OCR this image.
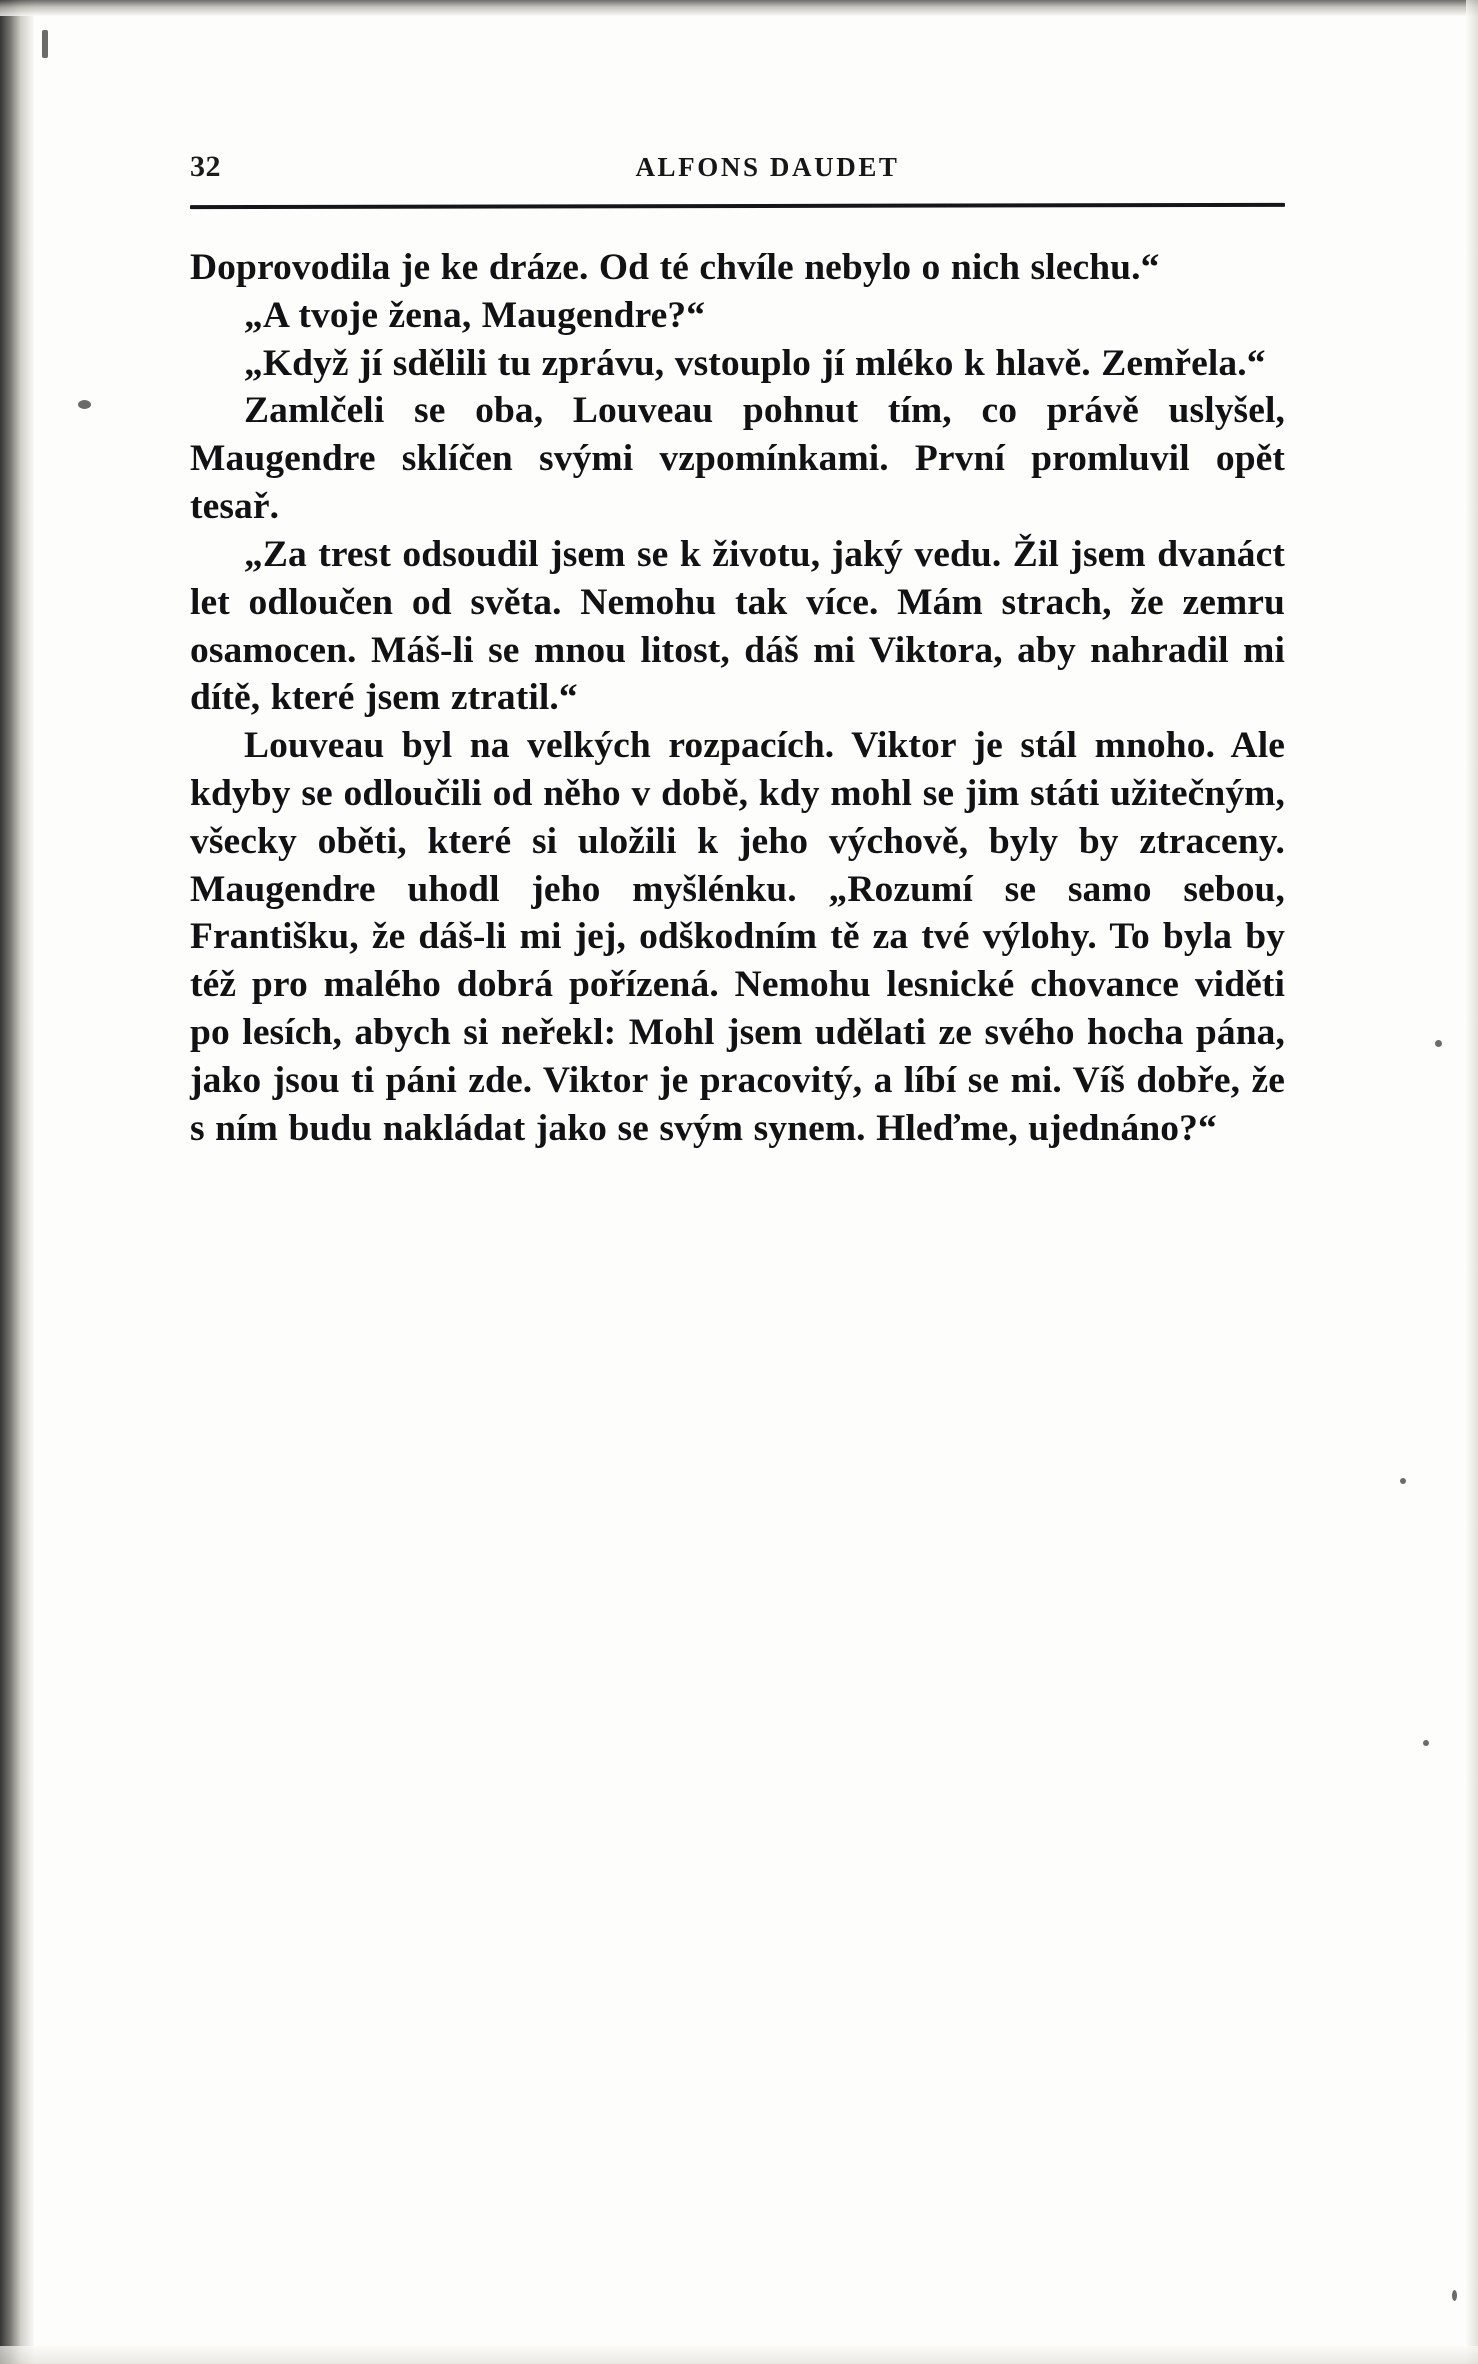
32	ALFONS DAUDET

Doprovodila je ke dráze. Od té chvíle nebylo o nich slechu.“

„A tvoje žena, Maugendre?“

„Když jí sdělili tu zprávu, vstouplo jí mléko k hlavě. Zemřela.“

Zamlčeli se oba, Louveau pohnut tím, co právě uslyšel, Maugendre sklíčen svými vzpomínkami. První promluvil opět tesař.

„Za trest odsoudil jsem se k životu, jaký vedu. Žil jsem dvanáct let odloučen od světa. Nemohu tak více. Mám strach, že zemru osamocen. Máš-li se mnou litost, dáš mi Viktora, aby nahradil mi dítě, které jsem ztratil.“

Louveau byl na velkých rozpacích. Viktor je stál mnoho. Ale kdyby se odloučili od něho v době, kdy mohl se jim státi užitečným, všecky oběti, které si uložili k jeho výchově, byly by ztraceny. Maugendre uhodl jeho myšlénku. „Rozumí se samo sebou, Františku, že dáš-li mi jej, odškodním tě za tvé výlohy. To byla by též pro malého dobrá pořízená. Nemohu lesnické chovance viděti po lesích, abych si neřekl: Mohl jsem udělati ze svého hocha pána, jako jsou ti páni zde. Viktor je pracovitý, a líbí se mi. Víš dobře, že s ním budu nakládat jako se svým synem. Hleďme, ujednáno?“
